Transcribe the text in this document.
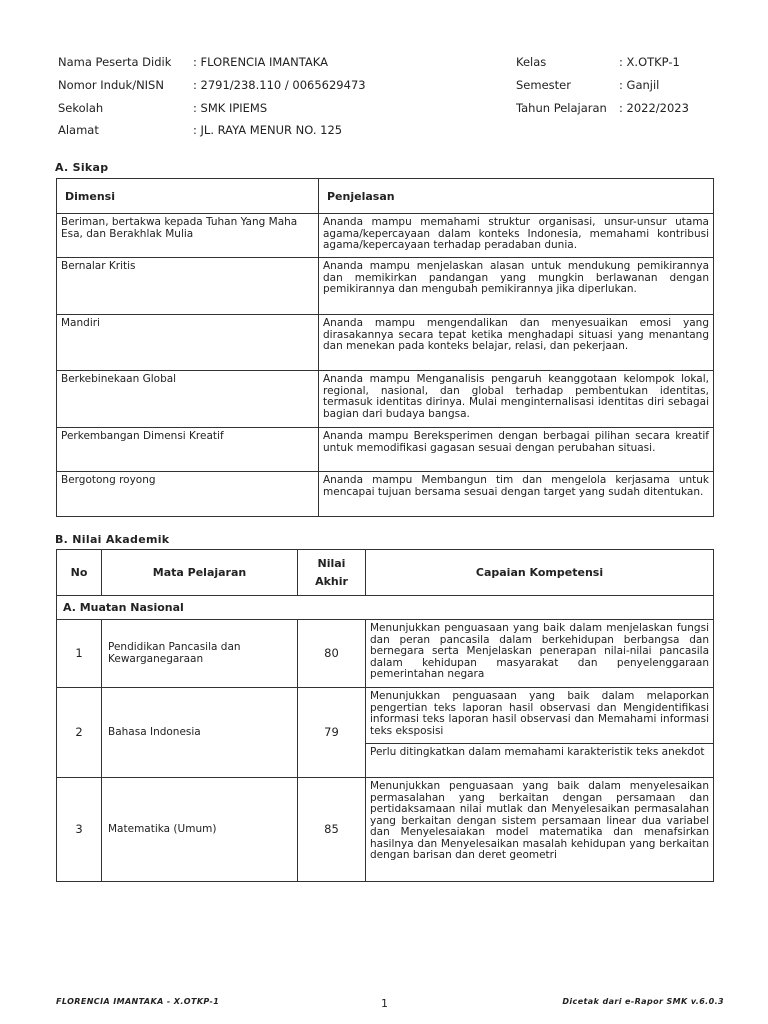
Nama Peserta Didik : FLORENCIA IMANTAKA
Nomor Induk/NISN	: 2791/238.110 / 0065629473
Sekolah	: SMK IPIEMS
Alamat	: JL. RAYA MENUR NO. 125
Kelas	: X.OTKP-1
Semester	: Ganjil
Tahun Pelajaran : 2022/2023
A. Sikap
Dimensi	Penjelasan
Beriman, bertakwa kepada Tuhan Yang Maha Esa, dan Berakhlak Mulia	Ananda mampu memahami struktur organisasi, unsur-unsur utama agama/kepercayaan dalam konteks Indonesia, memahami kontribusi agama/kepercayaan terhadap peradaban dunia.
Bernalar Kritis	Ananda mampu menjelaskan alasan untuk mendukung pemikirannya dan memikirkan pandangan yang mungkin berlawanan dengan pemikirannya dan mengubah pemikirannya jika diperlukan.
Mandiri	Ananda mampu mengendalikan dan menyesuaikan emosi yang dirasakannya secara tepat ketika menghadapi situasi yang menantang dan menekan pada konteks belajar, relasi, dan pekerjaan.
Berkebinekaan Global	Ananda mampu Menganalisis pengaruh keanggotaan kelompok lokal, regional, nasional, dan global terhadap pembentukan identitas, termasuk identitas dirinya. Mulai menginternalisasi identitas diri sebagai bagian dari budaya bangsa.
Perkembangan Dimensi Kreatif	Ananda mampu Bereksperimen dengan berbagai pilihan secara kreatif untuk memodifikasi gagasan sesuai dengan perubahan situasi.
Bergotong royong	Ananda mampu Membangun tim dan mengelola kerjasama untuk mencapai tujuan bersama sesuai dengan target yang sudah ditentukan.
B. Nilai Akademik
No	Mata Pelajaran	Nilai Akhir	Capaian Kompetensi
A. Muatan Nasional			
1	Pendidikan Pancasila dan Kewarganegaraan	80	Menunjukkan penguasaan yang baik dalam menjelaskan fungsi dan peran pancasila dalam berkehidupan berbangsa dan bernegara serta Menjelaskan penerapan nilai-nilai pancasila dalam kehidupan masyarakat dan penyelenggaraan pemerintahan negara
2	Bahasa Indonesia	79	Menunjukkan penguasaan yang baik dalam melaporkan pengertian teks laporan hasil observasi dan Mengidentifikasi informasi teks laporan hasil observasi dan Memahami informasi teks eksposisi
			Perlu ditingkatkan dalam memahami karakteristik teks anekdot
3	Matematika (Umum)	85	Menunjukkan penguasaan yang baik dalam menyelesaikan permasalahan yang berkaitan dengan persamaan dan pertidaksamaan nilai mutlak dan Menyelesaikan permasalahan yang berkaitan dengan sistem persamaan linear dua variabel dan Menyelesaiakan model matematika dan menafsirkan hasilnya dan Menyelesaikan masalah kehidupan yang berkaitan dengan barisan dan deret geometri
FLORENCIA IMANTAKA - X.OTKP-1	1	Dicetak dari e-Rapor SMK v.6.0.3
